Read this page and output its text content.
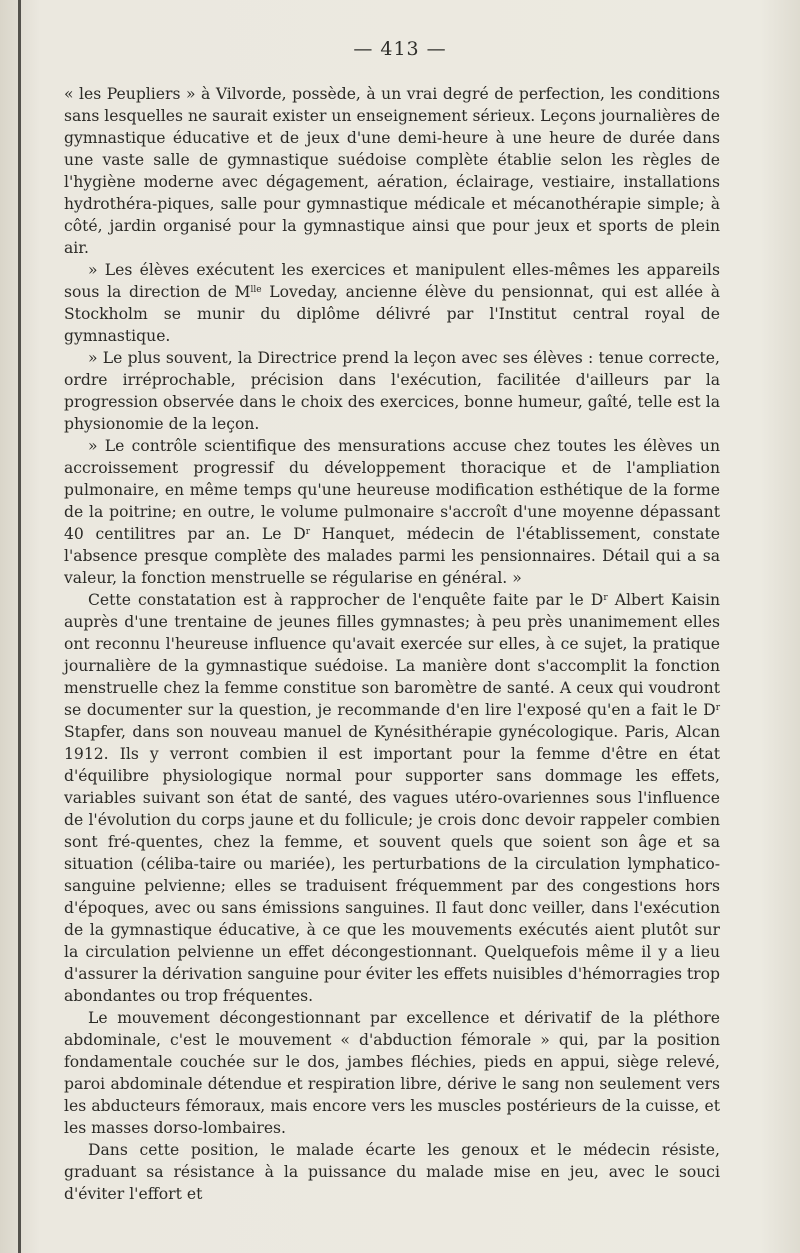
— 413 —

« les Peupliers » à Vilvorde, possède, à un vrai degré de perfection, les conditions sans lesquelles ne saurait exister un enseignement sérieux. Leçons journalières de gymnastique éducative et de jeux d'une demi-heure à une heure de durée dans une vaste salle de gymnastique suédoise complète établie selon les règles de l'hygiène moderne avec dégagement, aération, éclairage, vestiaire, installations hydrothéra-piques, salle pour gymnastique médicale et mécanothérapie simple; à côté, jardin organisé pour la gymnastique ainsi que pour jeux et sports de plein air.

» Les élèves exécutent les exercices et manipulent elles-mêmes les appareils sous la direction de $M^{lle}$ Loveday, ancienne élève du pensionnat, qui est allée à Stockholm se munir du diplôme délivré par l'Institut central royal de gymnastique.

» Le plus souvent, la Directrice prend la leçon avec ses élèves : tenue correcte, ordre irréprochable, précision dans l'exécution, facilitée d'ailleurs par la progression observée dans le choix des exercices, bonne humeur, gaîté, telle est la physionomie de la leçon.

» Le contrôle scientifique des mensurations accuse chez toutes les élèves un accroissement progressif du développement thoracique et de l'ampliation pulmonaire, en même temps qu'une heureuse modification esthétique de la forme de la poitrine; en outre, le volume pulmonaire s'accroît d'une moyenne dépassant 40 centilitres par an. Le $D^r$ Hanquet, médecin de l'établissement, constate l'absence presque complète des malades parmi les pensionnaires. Détail qui a sa valeur, la fonction menstruelle se régularise en général. »

Cette constatation est à rapprocher de l'enquête faite par le $D^r$ Albert Kaisin auprès d'une trentaine de jeunes filles gymnastes; à peu près unanimement elles ont reconnu l'heureuse influence qu'avait exercée sur elles, à ce sujet, la pratique journalière de la gymnastique suédoise. La manière dont s'accomplit la fonction menstruelle chez la femme constitue son baromètre de santé. A ceux qui voudront se documenter sur la question, je recommande d'en lire l'exposé qu'en a fait le $D^r$ Stapfer, dans son nouveau manuel de Kynésithérapie gynécologique. Paris, Alcan 1912. Ils y verront combien il est important pour la femme d'être en état d'équilibre physiologique normal pour supporter sans dommage les effets, variables suivant son état de santé, des vagues utéro-ovariennes sous l'influence de l'évolution du corps jaune et du follicule; je crois donc devoir rappeler combien sont fré-quentes, chez la femme, et souvent quels que soient son âge et sa situation (céliba-taire ou mariée), les perturbations de la circulation lymphatico-sanguine pelvienne; elles se traduisent fréquemment par des congestions hors d'époques, avec ou sans émissions sanguines. Il faut donc veiller, dans l'exécution de la gymnastique éducative, à ce que les mouvements exécutés aient plutôt sur la circulation pelvienne un effet décongestionnant. Quelquefois même il y a lieu d'assurer la dérivation sanguine pour éviter les effets nuisibles d'hémorragies trop abondantes ou trop fréquentes.

Le mouvement décongestionnant par excellence et dérivatif de la pléthore abdominale, c'est le mouvement « d'abduction fémorale » qui, par la position fondamentale couchée sur le dos, jambes fléchies, pieds en appui, siège relevé, paroi abdominale détendue et respiration libre, dérive le sang non seulement vers les abducteurs fémoraux, mais encore vers les muscles postérieurs de la cuisse, et les masses dorso-lombaires.

Dans cette position, le malade écarte les genoux et le médecin résiste, graduant sa résistance à la puissance du malade mise en jeu, avec le souci d'éviter l'effort et
